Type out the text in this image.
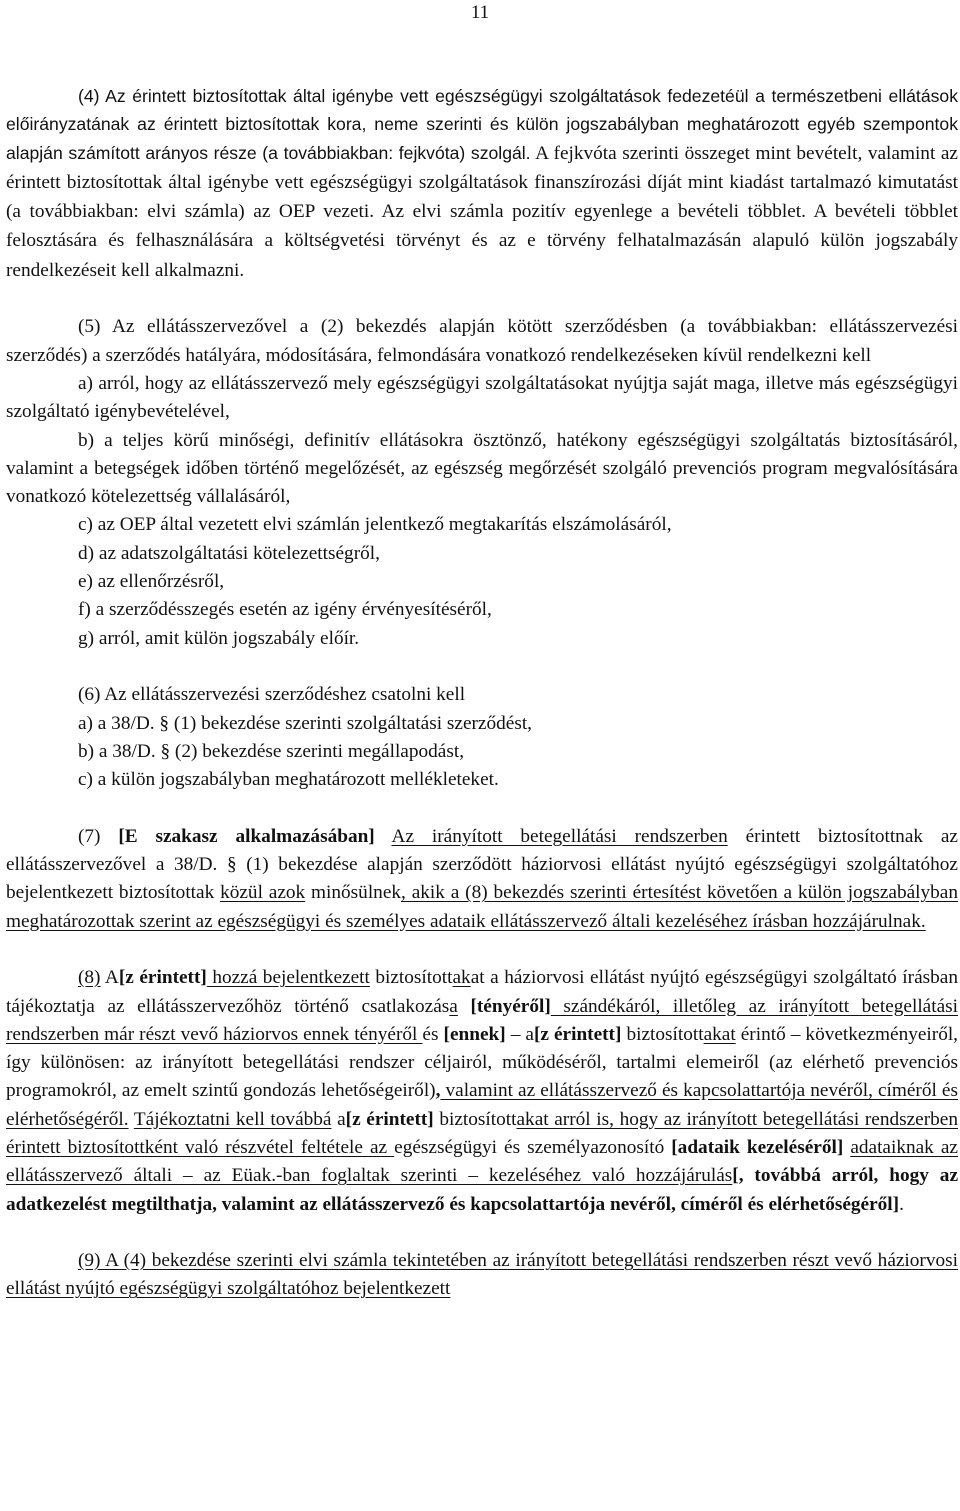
11

(4) Az érintett biztosítottak által igénybe vett egészségügyi szolgáltatások fedezetéül a természetbeni ellátások előirányzatának az érintett biztosítottak kora, neme szerinti és külön jogszabályban meghatározott egyéb szempontok alapján számított arányos része (a továbbiakban: fejkvóta) szolgál. A fejkvóta szerinti összeget mint bevételt, valamint az érintett biztosítottak által igénybe vett egészségügyi szolgáltatások finanszírozási díját mint kiadást tartalmazó kimutatást (a továbbiakban: elvi számla) az OEP vezeti. Az elvi számla pozitív egyenlege a bevételi többlet. A bevételi többlet felosztására és felhasználására a költségvetési törvényt és az e törvény felhatalmazásán alapuló külön jogszabály rendelkezéseit kell alkalmazni.

(5) Az ellátásszervezővel a (2) bekezdés alapján kötött szerződésben (a továbbiakban: ellátásszervezési szerződés) a szerződés hatályára, módosítására, felmondására vonatkozó rendelkezéseken kívül rendelkezni kell

a) arról, hogy az ellátásszervező mely egészségügyi szolgáltatásokat nyújtja saját maga, illetve más egészségügyi szolgáltató igénybevételével,

b) a teljes körű minőségi, definitív ellátásokra ösztönző, hatékony egészségügyi szolgáltatás biztosításáról, valamint a betegségek időben történő megelőzését, az egészség megőrzését szolgáló prevenciós program megvalósítására vonatkozó kötelezettség vállalásáról,

c) az OEP által vezetett elvi számlán jelentkező megtakarítás elszámolásáról,

d) az adatszolgáltatási kötelezettségről,

e) az ellenőrzésről,

f) a szerződésszegés esetén az igény érvényesítéséről,

g) arról, amit külön jogszabály előír.

(6) Az ellátásszervezési szerződéshez csatolni kell

a) a 38/D. § (1) bekezdése szerinti szolgáltatási szerződést,

b) a 38/D. § (2) bekezdése szerinti megállapodást,

c) a külön jogszabályban meghatározott mellékleteket.

(7) [E szakasz alkalmazásában] Az irányított betegellátási rendszerben érintett biztosítottnak az ellátásszervezővel a 38/D. § (1) bekezdése alapján szerződött háziorvosi ellátást nyújtó egészségügyi szolgáltatóhoz bejelentkezett biztosítottak közül azok minősülnek, akik a (8) bekezdés szerinti értesítést követően a külön jogszabályban meghatározottak szerint az egészségügyi és személyes adataik ellátásszervező általi kezeléséhez írásban hozzájárulnak.

(8) A[z érintett] hozzá bejelentkezett biztosítottakat a háziorvosi ellátást nyújtó egészségügyi szolgáltató írásban tájékoztatja az ellátásszervezőhöz történő csatlakozása [tényéről] szándékáról, illetőleg az irányított betegellátási rendszerben már részt vevő háziorvos ennek tényéről és [ennek] – a[z érintett] biztosítottakat érintő – következményeiről, így különösen: az irányított betegellátási rendszer céljairól, működéséről, tartalmi elemeiről (az elérhető prevenciós programokról, az emelt szintű gondozás lehetőségeiről), valamint az ellátásszervező és kapcsolattartója nevéről, címéről és elérhetőségéről. Tájékoztatni kell továbbá a[z érintett] biztosítottakat arról is, hogy az irányított betegellátási rendszerben érintett biztosítottként való részvétel feltétele az egészségügyi és személyazonosító [adataik kezeléséről] adataiknak az ellátásszervező általi – az Eüak.-ban foglaltak szerinti – kezeléséhez való hozzájárulás[, továbbá arról, hogy az adatkezelést megtilthatja, valamint az ellátásszervező és kapcsolattartója nevéről, címéről és elérhetőségéről].

(9) A (4) bekezdése szerinti elvi számla tekintetében az irányított betegellátási rendszerben részt vevő háziorvosi ellátást nyújtó egészségügyi szolgáltatóhoz bejelentkezett
